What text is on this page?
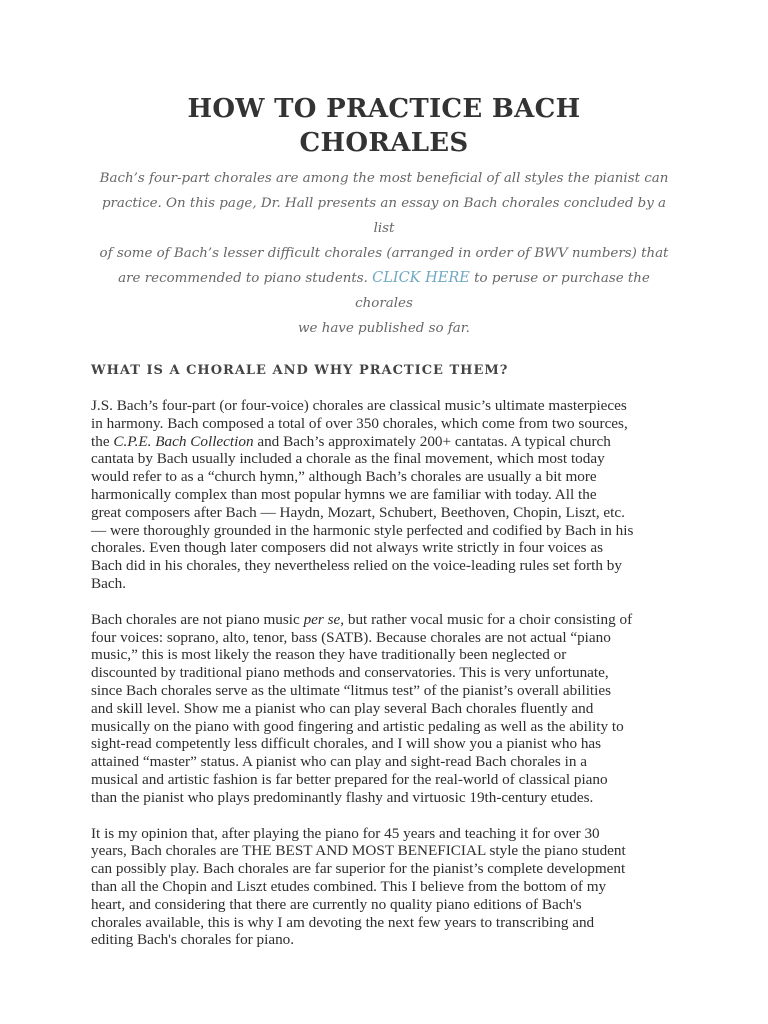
HOW TO PRACTICE BACH
CHORALES

Bach’s four-part chorales are among the most beneficial of all styles the pianist can
practice. On this page, Dr. Hall presents an essay on Bach chorales concluded by a list
of some of Bach’s lesser difficult chorales (arranged in order of BWV numbers) that
are recommended to piano students. CLICK HERE to peruse or purchase the chorales
we have published so far.

WHAT IS A CHORALE AND WHY PRACTICE THEM?

J.S. Bach’s four-part (or four-voice) chorales are classical music’s ultimate masterpieces
in harmony. Bach composed a total of over 350 chorales, which come from two sources,
the C.P.E. Bach Collection and Bach’s approximately 200+ cantatas. A typical church
cantata by Bach usually included a chorale as the final movement, which most today
would refer to as a “church hymn,” although Bach’s chorales are usually a bit more
harmonically complex than most popular hymns we are familiar with today. All the
great composers after Bach — Haydn, Mozart, Schubert, Beethoven, Chopin, Liszt, etc.
— were thoroughly grounded in the harmonic style perfected and codified by Bach in his
chorales. Even though later composers did not always write strictly in four voices as
Bach did in his chorales, they nevertheless relied on the voice-leading rules set forth by
Bach.

Bach chorales are not piano music per se, but rather vocal music for a choir consisting of
four voices: soprano, alto, tenor, bass (SATB). Because chorales are not actual “piano
music,” this is most likely the reason they have traditionally been neglected or
discounted by traditional piano methods and conservatories. This is very unfortunate,
since Bach chorales serve as the ultimate “litmus test” of the pianist’s overall abilities
and skill level. Show me a pianist who can play several Bach chorales fluently and
musically on the piano with good fingering and artistic pedaling as well as the ability to
sight-read competently less difficult chorales, and I will show you a pianist who has
attained “master” status. A pianist who can play and sight-read Bach chorales in a
musical and artistic fashion is far better prepared for the real-world of classical piano
than the pianist who plays predominantly flashy and virtuosic 19th-century etudes.

It is my opinion that, after playing the piano for 45 years and teaching it for over 30
years, Bach chorales are THE BEST AND MOST BENEFICIAL style the piano student
can possibly play. Bach chorales are far superior for the pianist’s complete development
than all the Chopin and Liszt etudes combined. This I believe from the bottom of my
heart, and considering that there are currently no quality piano editions of Bach's
chorales available, this is why I am devoting the next few years to transcribing and
editing Bach's chorales for piano.
